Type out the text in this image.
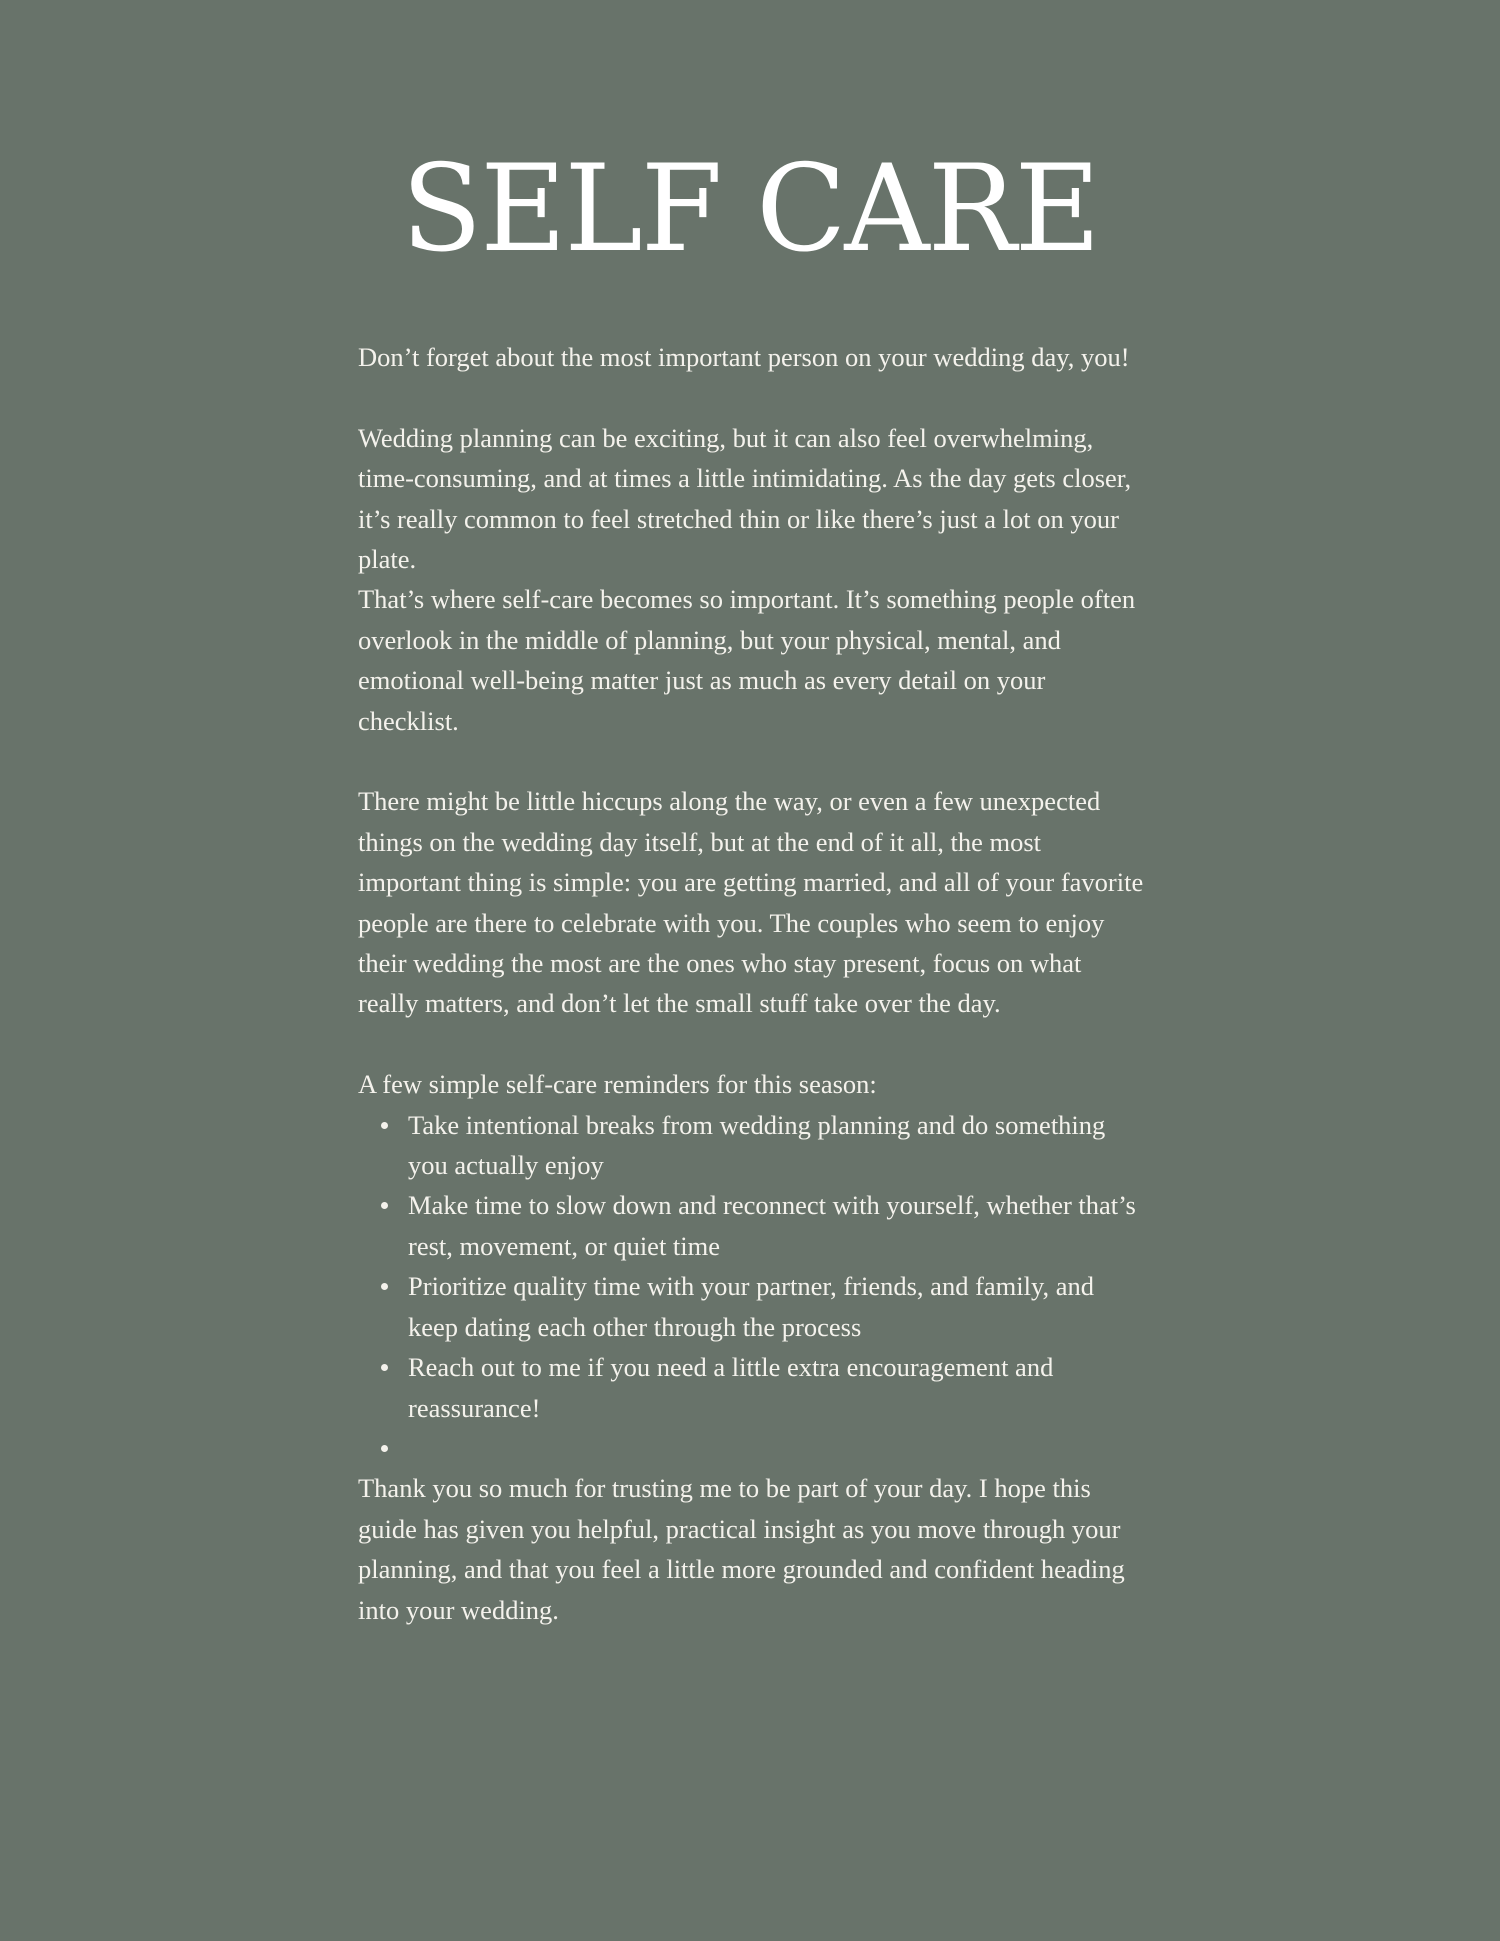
SELF CARE

Don’t forget about the most important person on your wedding day, you!

Wedding planning can be exciting, but it can also feel overwhelming, time-consuming, and at times a little intimidating. As the day gets closer, it’s really common to feel stretched thin or like there’s just a lot on your plate.

That’s where self-care becomes so important. It’s something people often overlook in the middle of planning, but your physical, mental, and emotional well-being matter just as much as every detail on your checklist.

There might be little hiccups along the way, or even a few unexpected things on the wedding day itself, but at the end of it all, the most important thing is simple: you are getting married, and all of your favorite people are there to celebrate with you. The couples who seem to enjoy their wedding the most are the ones who stay present, focus on what really matters, and don’t let the small stuff take over the day.

A few simple self-care reminders for this season:

Take intentional breaks from wedding planning and do something you actually enjoy
Make time to slow down and reconnect with yourself, whether that’s rest, movement, or quiet time
Prioritize quality time with your partner, friends, and family, and keep dating each other through the process
Reach out to me if you need a little extra encouragement and reassurance!

Thank you so much for trusting me to be part of your day. I hope this guide has given you helpful, practical insight as you move through your planning, and that you feel a little more grounded and confident heading into your wedding.
